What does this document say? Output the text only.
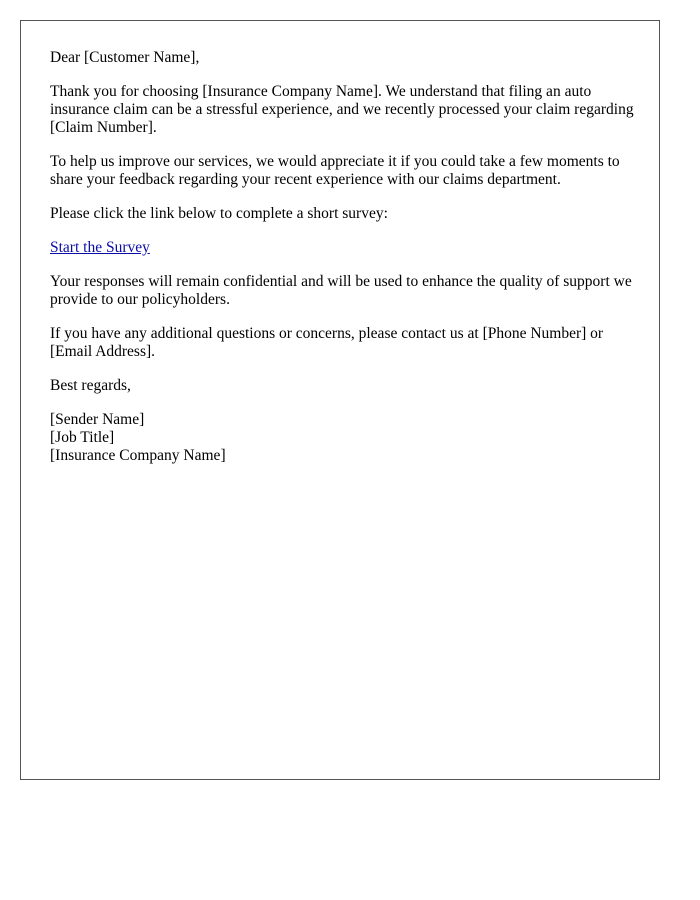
Dear [Customer Name],

Thank you for choosing [Insurance Company Name]. We understand that filing an auto insurance claim can be a stressful experience, and we recently processed your claim regarding [Claim Number].

To help us improve our services, we would appreciate it if you could take a few moments to share your feedback regarding your recent experience with our claims department.

Please click the link below to complete a short survey:

Start the Survey

Your responses will remain confidential and will be used to enhance the quality of support we provide to our policyholders.

If you have any additional questions or concerns, please contact us at [Phone Number] or [Email Address].

Best regards,

[Sender Name]
[Job Title]
[Insurance Company Name]
